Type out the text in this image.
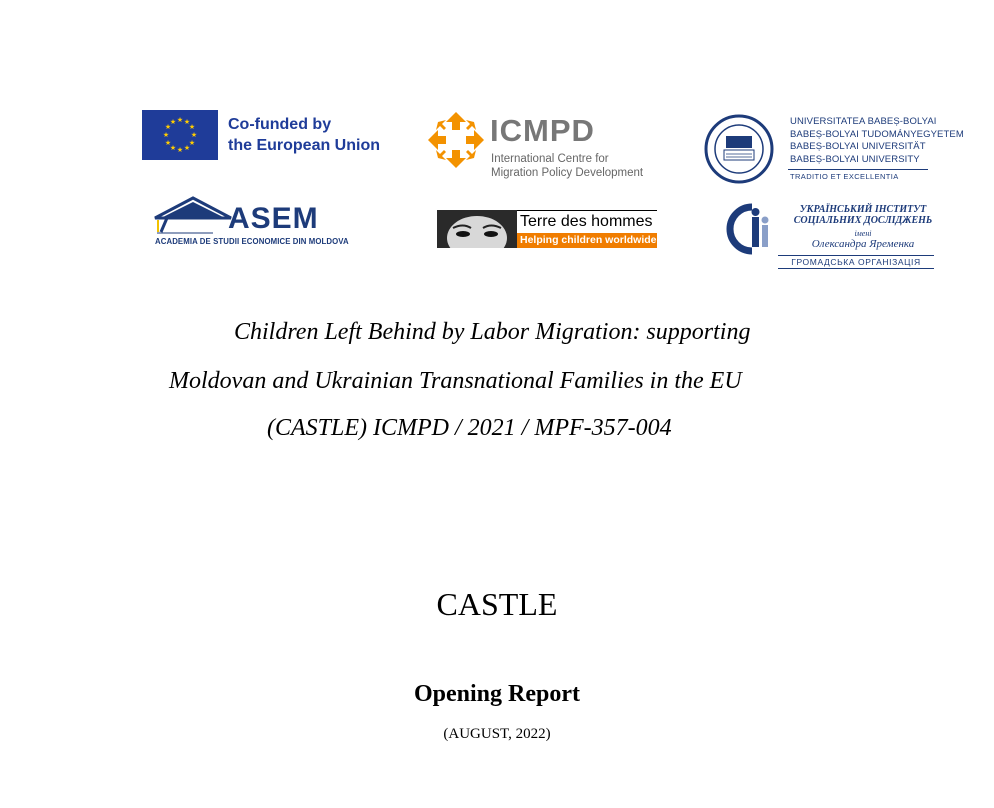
★ ★
★
★
★
★
★
★
★
★
★
★	Co-funded by
the European Union	ICMPD
International Centre for
Migration Policy Development
UNIVERSITATEA BABEȘ-BOLYAI
BABEȘ-BOLYAI TUDOMÁNYEGYETEM
BABEȘ-BOLYAI UNIVERSITÄT
BABEȘ-BOLYAI UNIVERSITY
TRADITIO ET EXCELLENTIA
ASEM
ACADEMIA DE STUDII ECONOMICE DIN MOLDOVA
Terre des hommes
Helping children worldwide.
УКРАЇНСЬКИЙ ІНСТИТУТ
СОЦІАЛЬНИХ ДОСЛІДЖЕНЬ
імені
Олександра Яременка
ГРОМАДСЬКА ОРГАНІЗАЦІЯ
Children Left Behind by Labor Migration: supporting
Moldovan and Ukrainian Transnational Families in the EU
(CASTLE) ICMPD / 2021 / MPF-357-004
CASTLE
Opening Report
(AUGUST, 2022)
